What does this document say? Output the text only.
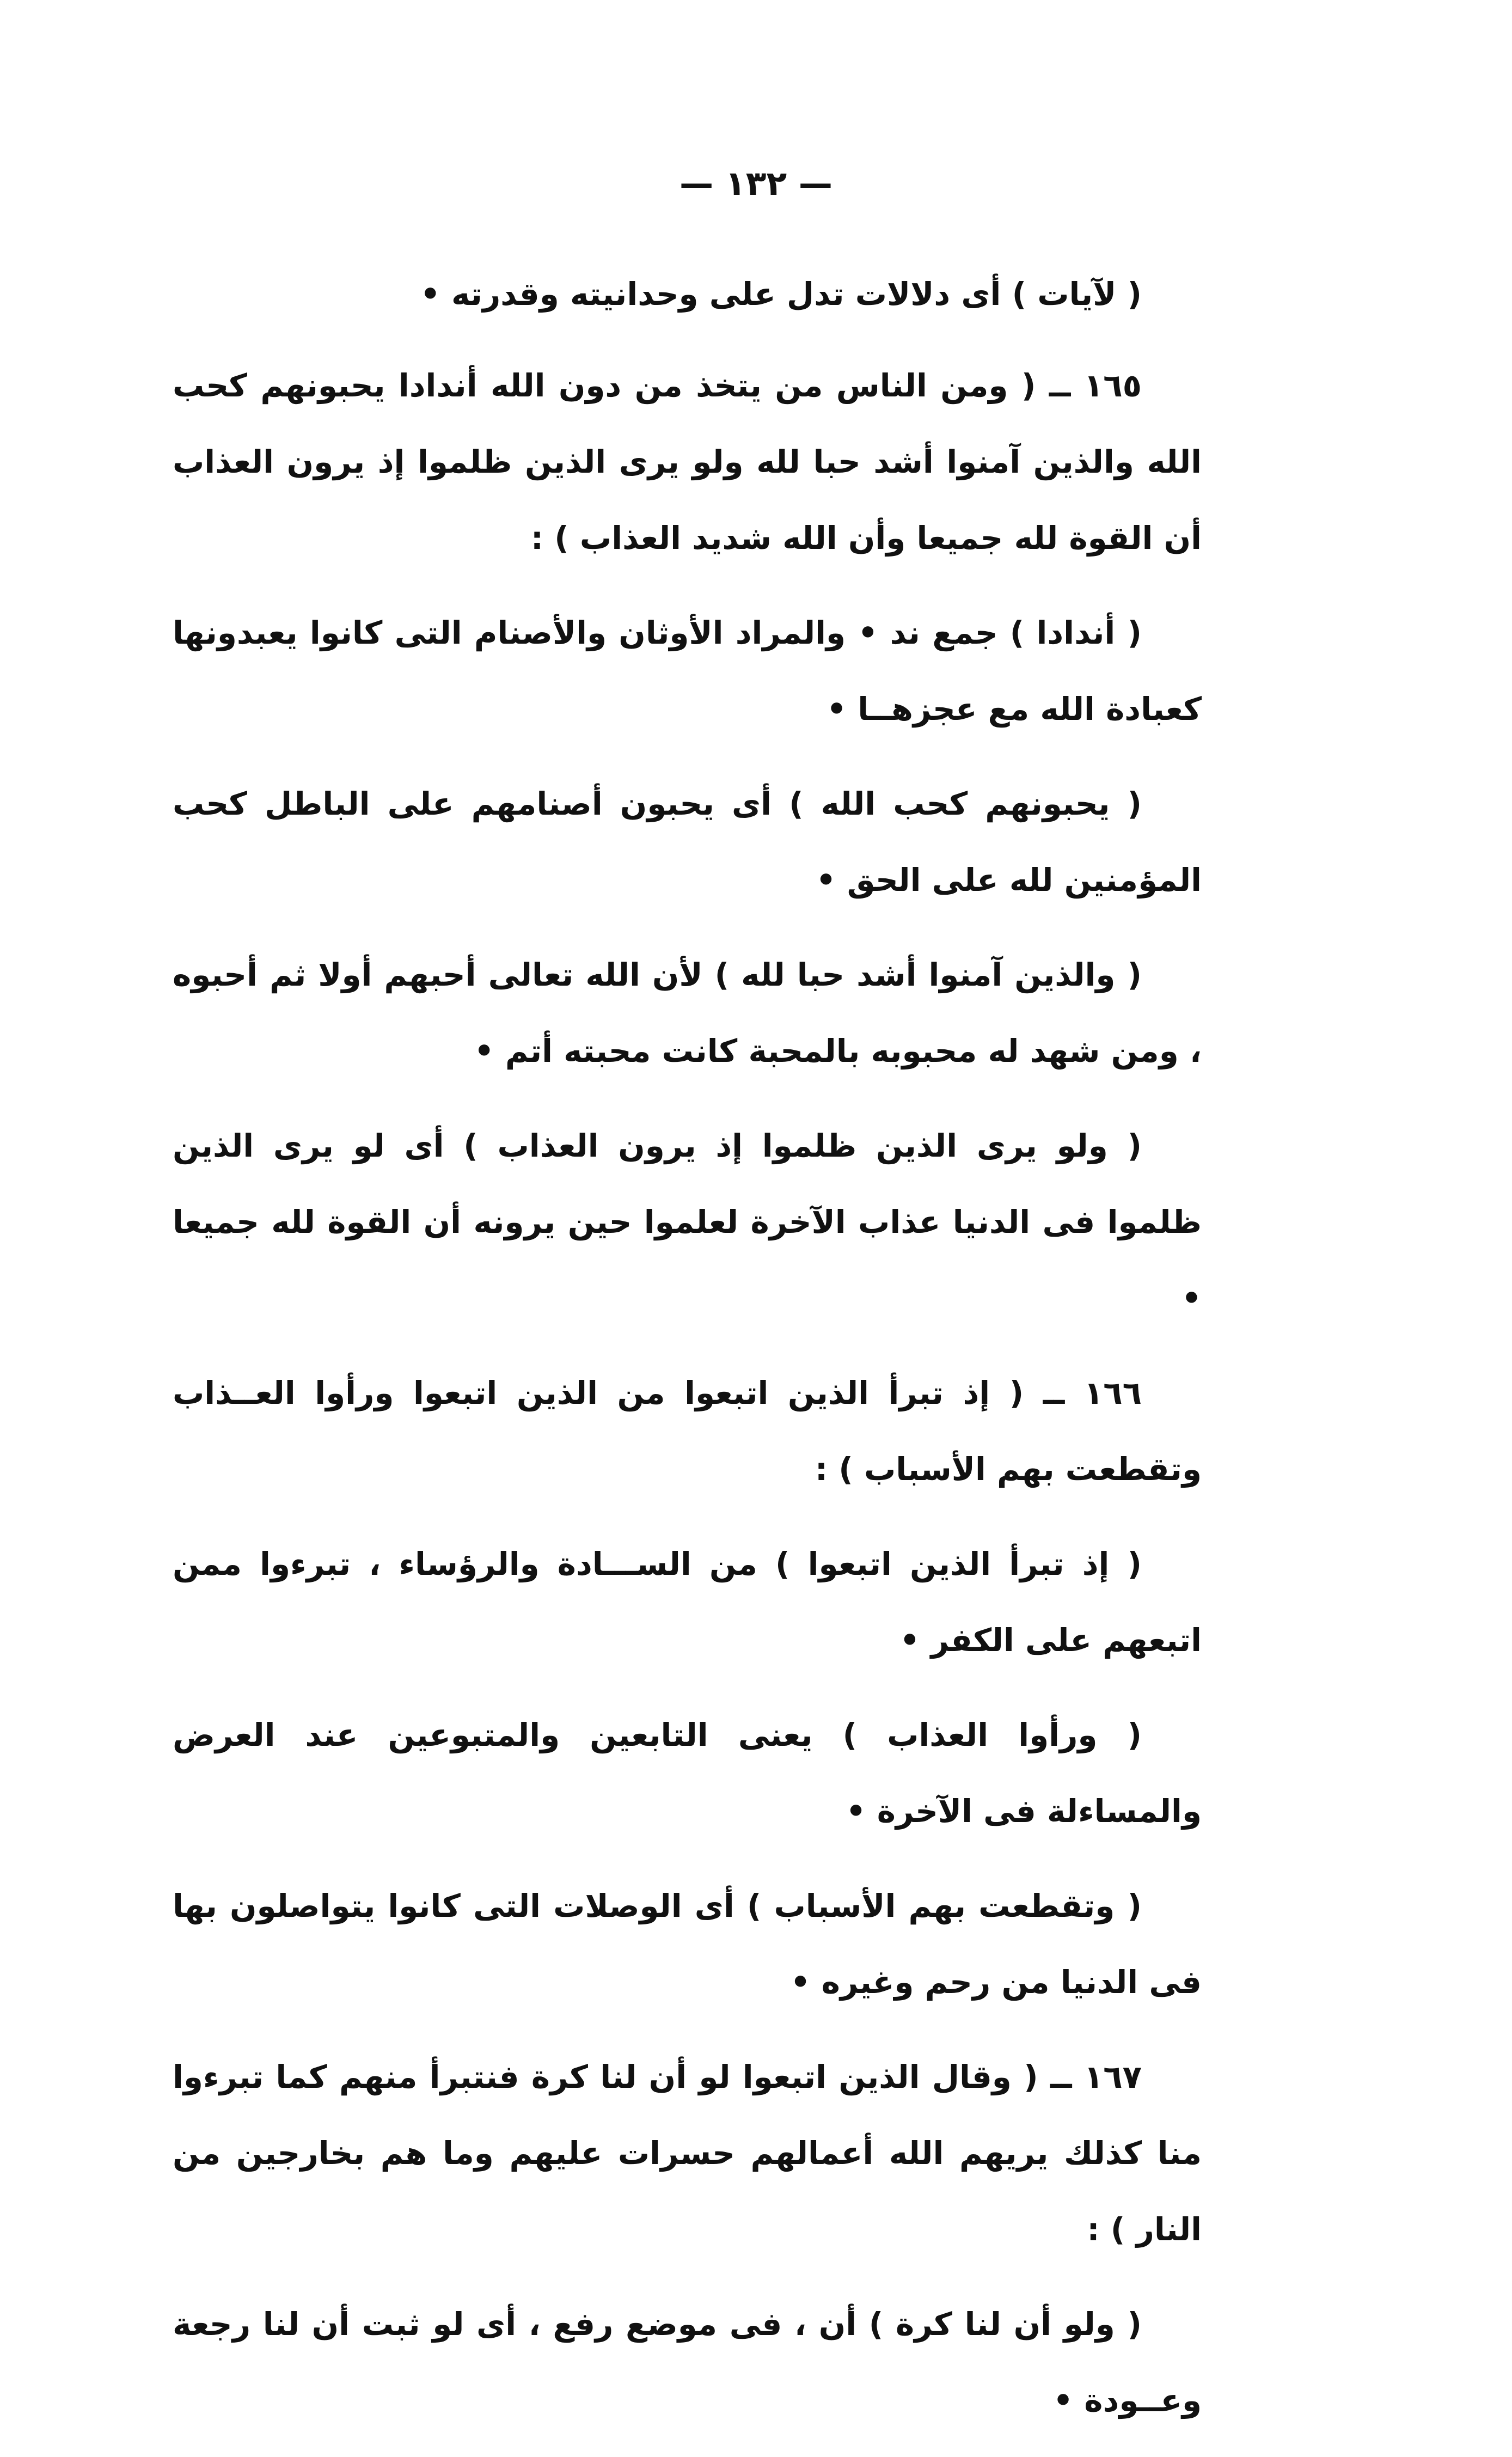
— ١٣٢ —

( لآيات ) أى دلالات تدل على وحدانيته وقدرته •

١٦٥ ــ ( ومن الناس من يتخذ من دون الله أندادا يحبونهم كحب الله والذين آمنوا أشد حبا لله ولو يرى الذين ظلموا إذ يرون العذاب أن القوة لله جميعا وأن الله شديد العذاب ) :

( أندادا ) جمع ند • والمراد الأوثان والأصنام التى كانوا يعبدونها كعبادة الله مع عجزهــا •

( يحبونهم كحب الله ) أى يحبون أصنامهم على الباطل كحب المؤمنين لله على الحق •

( والذين آمنوا أشد حبا لله ) لأن الله تعالى أحبهم أولا ثم أحبوه ، ومن شهد له محبوبه بالمحبة كانت محبته أتم •

( ولو يرى الذين ظلموا إذ يرون العذاب ) أى لو يرى الذين ظلموا فى الدنيا عذاب الآخرة لعلموا حين يرونه أن القوة لله جميعا •

١٦٦ ــ ( إذ تبرأ الذين اتبعوا من الذين اتبعوا ورأوا العــذاب وتقطعت بهم الأسباب ) :

( إذ تبرأ الذين اتبعوا ) من الســـادة والرؤساء ، تبرءوا ممن اتبعهم على الكفر •

( ورأوا العذاب ) يعنى التابعين والمتبوعين عند العرض والمساءلة فى الآخرة •

( وتقطعت بهم الأسباب ) أى الوصلات التى كانوا يتواصلون بها فى الدنيا من رحم وغيره •

١٦٧ ــ ( وقال الذين اتبعوا لو أن لنا كرة فنتبرأ منهم كما تبرءوا منا كذلك يريهم الله أعمالهم حسرات عليهم وما هم بخارجين من النار ) :

( ولو أن لنا كرة ) أن ، فى موضع رفع ، أى لو ثبت أن لنا رجعة وعــودة •
